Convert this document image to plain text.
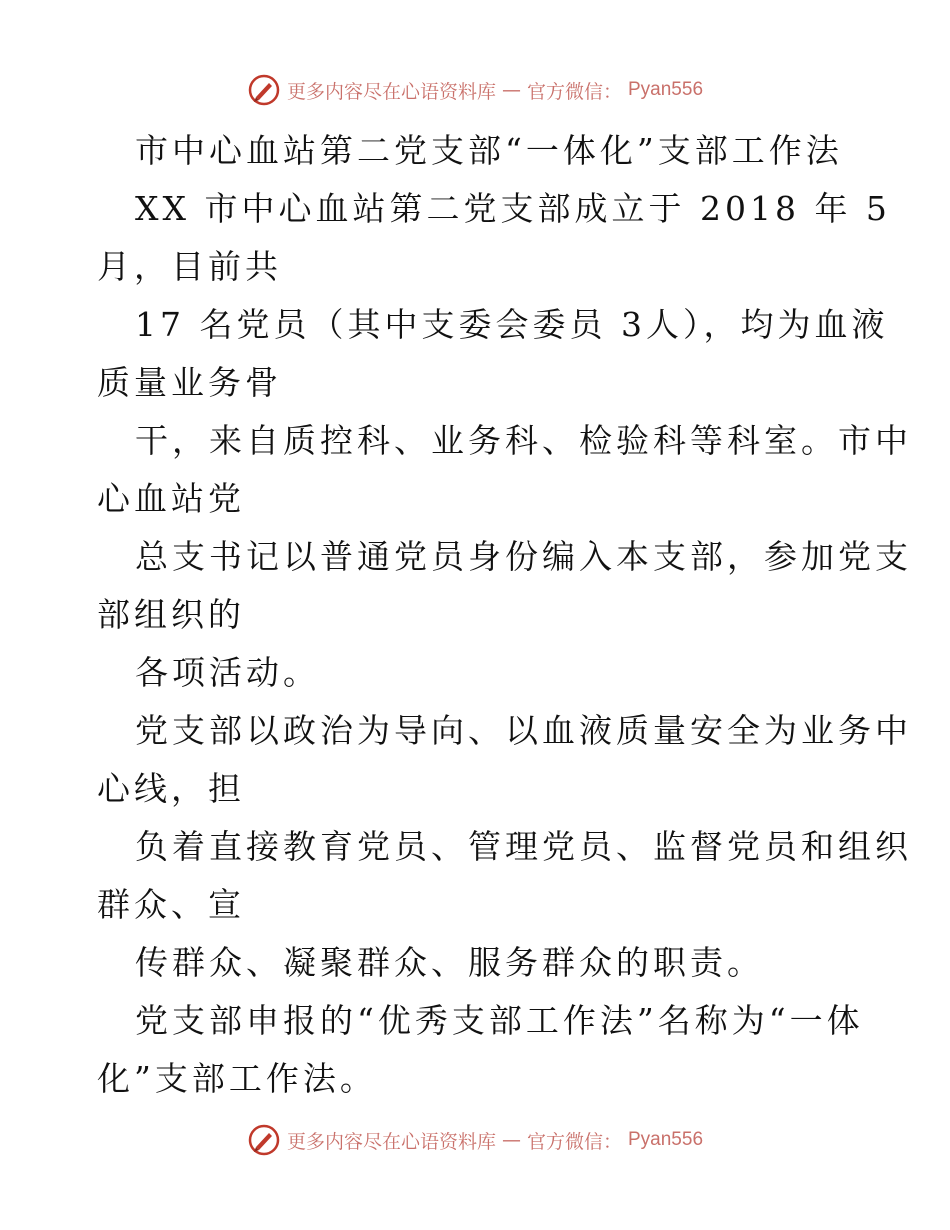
更多内容尽在心语资料库 — 官方微信： Pyan556

市中心血站第二党支部“一体化”支部工作法

XX 市中心血站第二党支部成立于 2018 年 5

月，目前共

17 名党员（其中支委会委员 3人），均为血液

质量业务骨

干，来自质控科、业务科、检验科等科室。市中

心血站党

总支书记以普通党员身份编入本支部，参加党支

部组织的

各项活动。

党支部以政治为导向、以血液质量安全为业务中

心线，担

负着直接教育党员、管理党员、监督党员和组织

群众、宣

传群众、凝聚群众、服务群众的职责。

党支部申报的“优秀支部工作法”名称为“一体

化”支部工作法。

更多内容尽在心语资料库 — 官方微信： Pyan556
